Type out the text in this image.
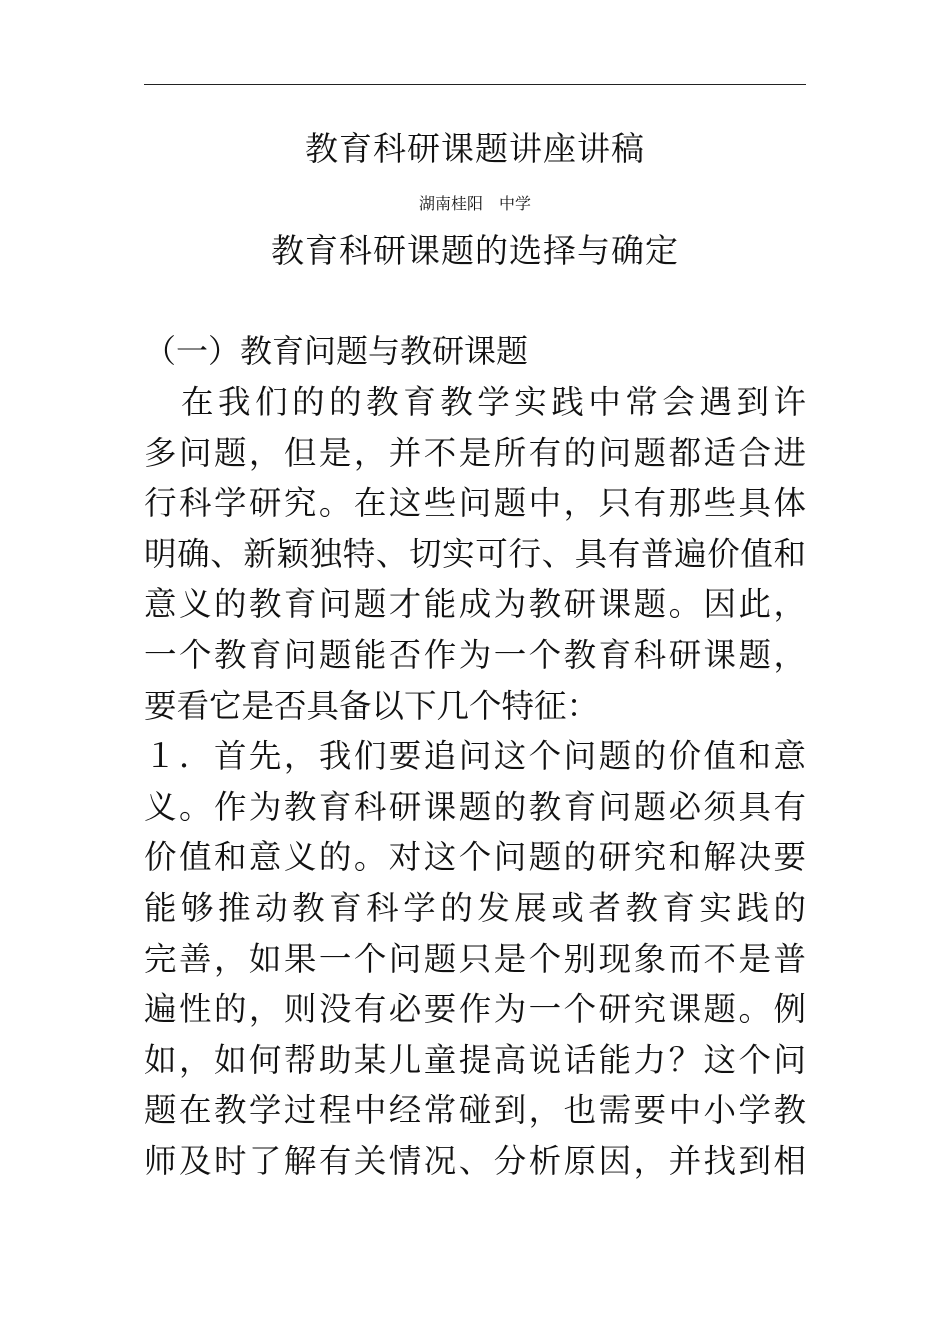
教育科研课题讲座讲稿
湖南桂阳　中学
教育科研课题的选择与确定
（一）教育问题与教研课题
　在我们的的教育教学实践中常会遇到许
多问题，但是，并不是所有的问题都适合进
行科学研究。在这些问题中，只有那些具体
明确、新颖独特、切实可行、具有普遍价值和
意义的教育问题才能成为教研课题。因此，
一个教育问题能否作为一个教育科研课题，
要看它是否具备以下几个特征：
１．首先，我们要追问这个问题的价值和意
义。作为教育科研课题的教育问题必须具有
价值和意义的。对这个问题的研究和解决要
能够推动教育科学的发展或者教育实践的
完善，如果一个问题只是个别现象而不是普
遍性的，则没有必要作为一个研究课题。例
如，如何帮助某儿童提高说话能力？这个问
题在教学过程中经常碰到，也需要中小学教
师及时了解有关情况、分析原因，并找到相
